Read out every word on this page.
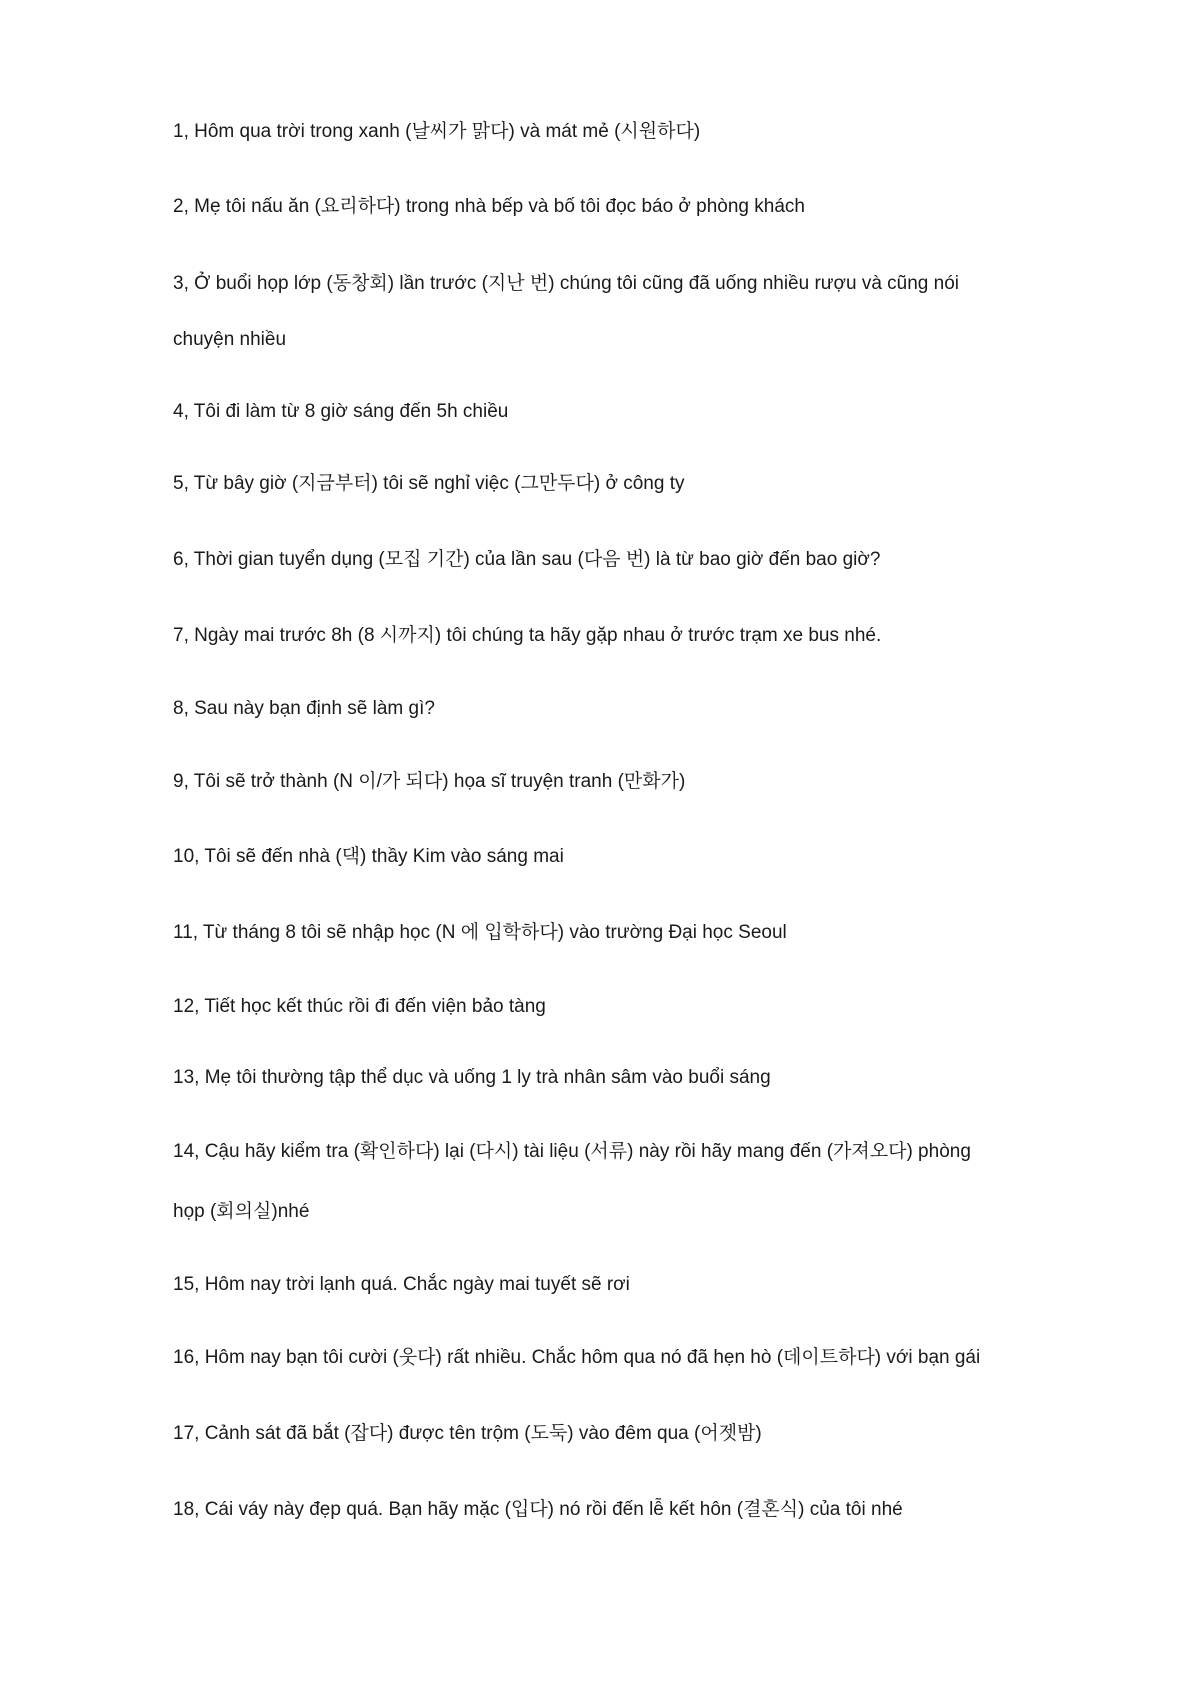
1, Hôm qua trời trong xanh (날씨가 맑다) và mát mẻ (시원하다)
2, Mẹ tôi nấu ăn (요리하다) trong nhà bếp và bố tôi đọc báo ở phòng khách
3, Ở buổi họp lớp (동창회) lần trước (지난 번) chúng tôi cũng đã uống nhiều rượu và cũng nói
chuyện nhiều
4, Tôi đi làm từ 8 giờ sáng đến 5h chiều
5, Từ bây giờ (지금부터) tôi sẽ nghỉ việc (그만두다) ở công ty
6, Thời gian tuyển dụng (모집 기간) của lần sau (다음 번) là từ bao giờ đến bao giờ?
7, Ngày mai trước 8h (8 시까지) tôi chúng ta hãy gặp nhau ở trước trạm xe bus nhé.
8, Sau này bạn định sẽ làm gì?
9, Tôi sẽ trở thành (N 이/가 되다) họa sĩ truyện tranh (만화가)
10, Tôi sẽ đến nhà (댁) thầy Kim vào sáng mai
11, Từ tháng 8 tôi sẽ nhập học (N 에 입학하다) vào trường Đại học Seoul
12, Tiết học kết thúc rồi đi đến viện bảo tàng
13, Mẹ tôi thường tập thể dục và uống 1 ly trà nhân sâm vào buổi sáng
14, Cậu hãy kiểm tra (확인하다) lại (다시) tài liệu (서류) này rồi hãy mang đến (가져오다) phòng
họp (회의실)nhé
15, Hôm nay trời lạnh quá. Chắc ngày mai tuyết sẽ rơi
16, Hôm nay bạn tôi cười (웃다) rất nhiều. Chắc hôm qua nó đã hẹn hò (데이트하다) với bạn gái
17, Cảnh sát đã bắt (잡다) được tên trộm (도둑) vào đêm qua (어젯밤)
18, Cái váy này đẹp quá. Bạn hãy mặc (입다) nó rồi đến lễ kết hôn (결혼식) của tôi nhé
